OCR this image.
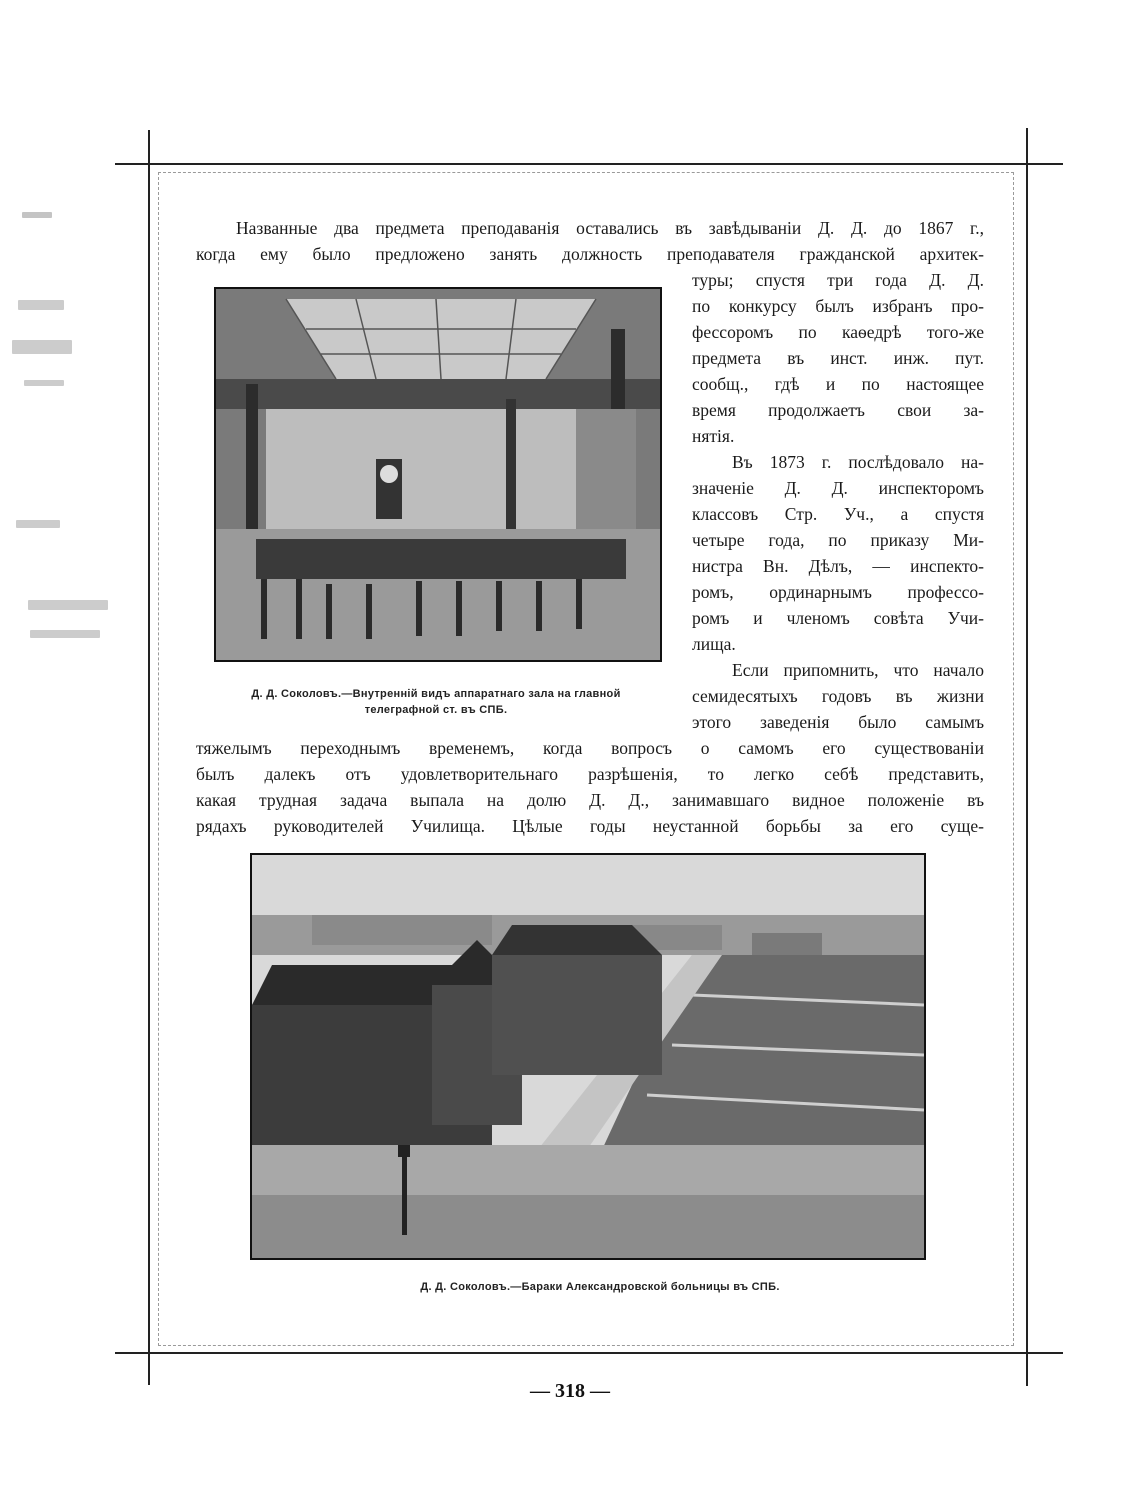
Названные два предмета преподаванія оставались въ завѣдываніи Д. Д. до 1867 г.,
когда ему было предложено занять должность преподавателя гражданской архитек-
Д. Д. Соколовъ.—Внутренній видъ аппаратнаго зала на главной
телеграфной ст. въ СПБ.
туры; спустя три года Д. Д.
по конкурсу былъ избранъ про-
фессоромъ по каѳедрѣ того-же
предмета въ инст. инж. пут.
сообщ., гдѣ и по настоящее
время продолжаетъ свои за-
нятія.
Въ 1873 г. послѣдовало на-
значеніе Д. Д. инспекторомъ
классовъ Стр. Уч., а спустя
четыре года, по приказу Ми-
нистра Вн. Дѣлъ, — инспекто-
ромъ, ординарнымъ профессо-
ромъ и членомъ совѣта Учи-
лища.
Если припомнить, что начало
семидесятыхъ годовъ въ жизни
этого заведенія было самымъ
тяжелымъ переходнымъ временемъ, когда вопросъ о самомъ его существованіи
былъ далекъ отъ удовлетворительнаго разрѣшенія, то легко себѣ представить,
какая трудная задача выпала на долю Д. Д., занимавшаго видное положеніе въ
рядахъ руководителей Училища. Цѣлые годы неустанной борьбы за его суще-
Д. Д. Соколовъ.—Бараки Александровской больницы въ СПБ.
— 318 —
